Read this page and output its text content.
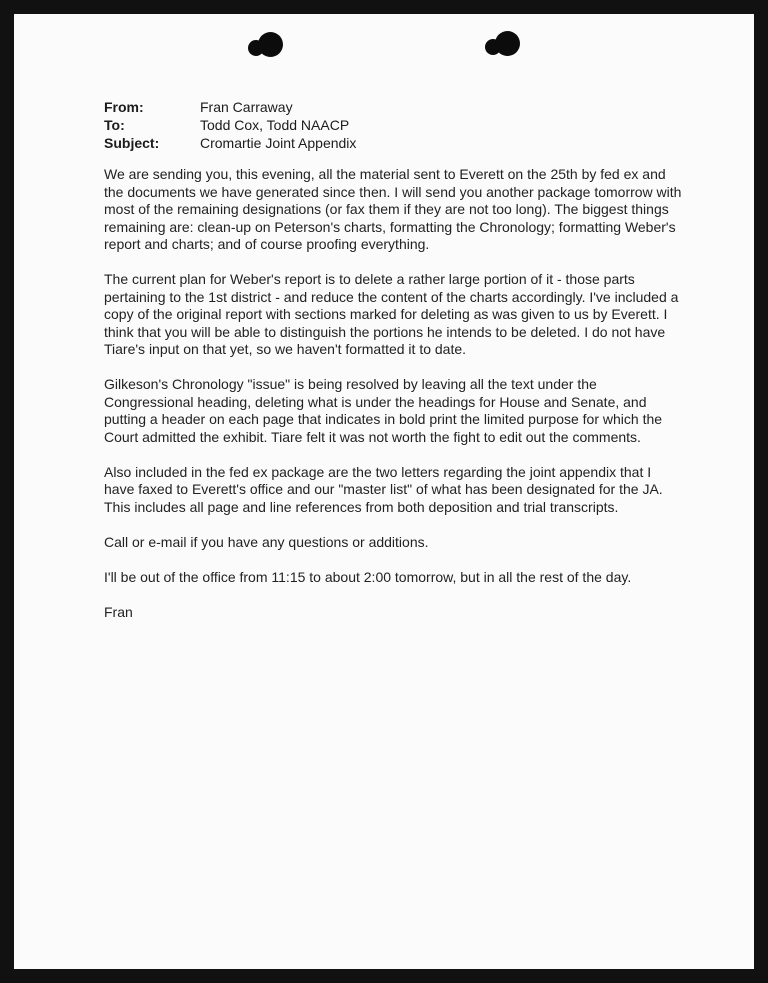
From:	Fran Carraway
To:	Todd Cox, Todd NAACP
Subject:	Cromartie Joint Appendix

We are sending you, this evening, all the material sent to Everett on the 25th by fed ex and the documents we have generated since then. I will send you another package tomorrow with most of the remaining designations (or fax them if they are not too long). The biggest things remaining are: clean-up on Peterson's charts, formatting the Chronology; formatting Weber's report and charts; and of course proofing everything.

The current plan for Weber's report is to delete a rather large portion of it - those parts pertaining to the 1st district - and reduce the content of the charts accordingly. I've included a copy of the original report with sections marked for deleting as was given to us by Everett. I think that you will be able to distinguish the portions he intends to be deleted. I do not have Tiare's input on that yet, so we haven't formatted it to date.

Gilkeson's Chronology "issue" is being resolved by leaving all the text under the Congressional heading, deleting what is under the headings for House and Senate, and putting a header on each page that indicates in bold print the limited purpose for which the Court admitted the exhibit. Tiare felt it was not worth the fight to edit out the comments.

Also included in the fed ex package are the two letters regarding the joint appendix that I have faxed to Everett's office and our "master list" of what has been designated for the JA. This includes all page and line references from both deposition and trial transcripts.

Call or e-mail if you have any questions or additions.

I'll be out of the office from 11:15 to about 2:00 tomorrow, but in all the rest of the day.

Fran
